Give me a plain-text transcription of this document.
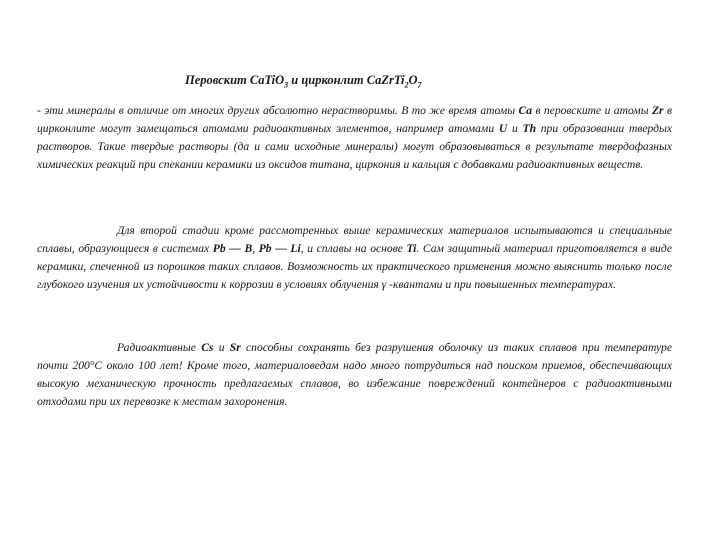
Перовскит CaTiO$_3$ и цирконлит $CaZrTi_2O_7$

- эти минералы в отличие от многих других абсолютно нерастворимы. В то же время атомы Ca в перовските и атомы Zr в цирконлите могут замещаться атомами радиоактивных элементов, например атомами U и Th при образовании твердых растворов. Такие твердые растворы (да и сами исходные минералы) могут образовываться в результате твердофазных химических реакций при спекании керамики из оксидов титана, циркония и кальция с добавками радиоактивных веществ.

Для второй стадии кроме рассмотренных выше керамических материалов испытываются и специальные сплавы, образующиеся в системах Pb — B, Pb — Li, и сплавы на основе Ti. Сам защитный материал приготовляется в виде керамики, спеченной из порошков таких сплавов. Возможность их практического применения можно выяснить только после глубокого изучения их устойчивости к коррозии в условиях облучения γ -квантами и при повышенных температурах.

Радиоактивные Cs и Sr способны сохранять без разрушения оболочку из таких сплавов при температуре почти 200°С около 100 лет! Кроме того, материаловедам надо много потрудиться над поиском приемов, обеспечивающих высокую механическую прочность предлагаемых сплавов, во избежание повреждений контейнеров с радиоактивными отходами при их перевозке к местам захоронения.
